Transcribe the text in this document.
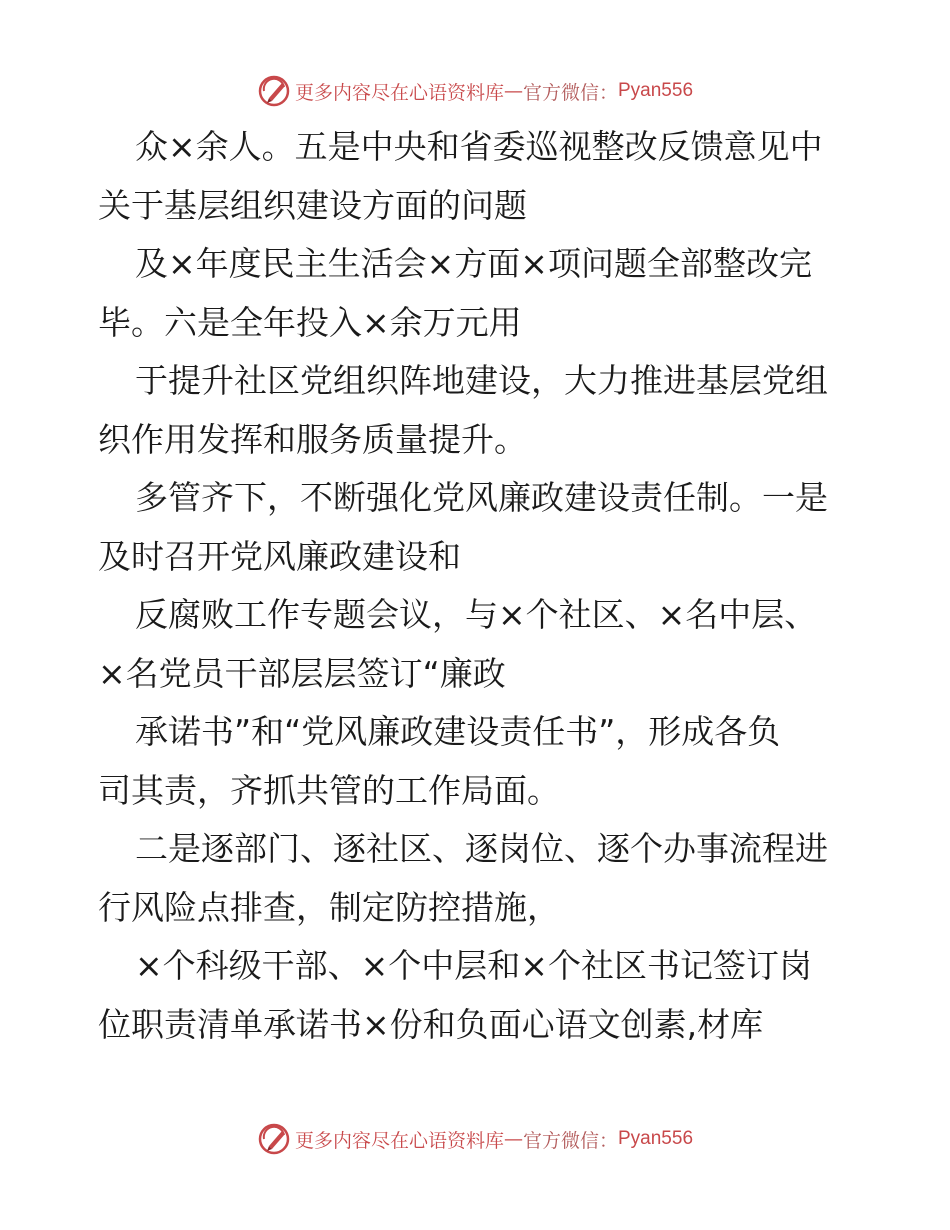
更多内容尽在心语资料库 — 官方微信： Pyan556
众×余人。五是中央和省委巡视整改反馈意见中
关于基层组织建设方面的问题
及×年度民主生活会×方面×项问题全部整改完
毕。六是全年投入×余万元用
于提升社区党组织阵地建设，大力推进基层党组
织作用发挥和服务质量提升。
多管齐下，不断强化党风廉政建设责任制。一是
及时召开党风廉政建设和
反腐败工作专题会议，与×个社区、×名中层、
×名党员干部层层签订“廉政
承诺书”和“党风廉政建设责任书”，形成各负
司其责，齐抓共管的工作局面。
二是逐部门、逐社区、逐岗位、逐个办事流程进
行风险点排查，制定防控措施，
×个科级干部、×个中层和×个社区书记签订岗
位职责清单承诺书×份和负面心语文创素,材库
更多内容尽在心语资料库 — 官方微信： Pyan556
